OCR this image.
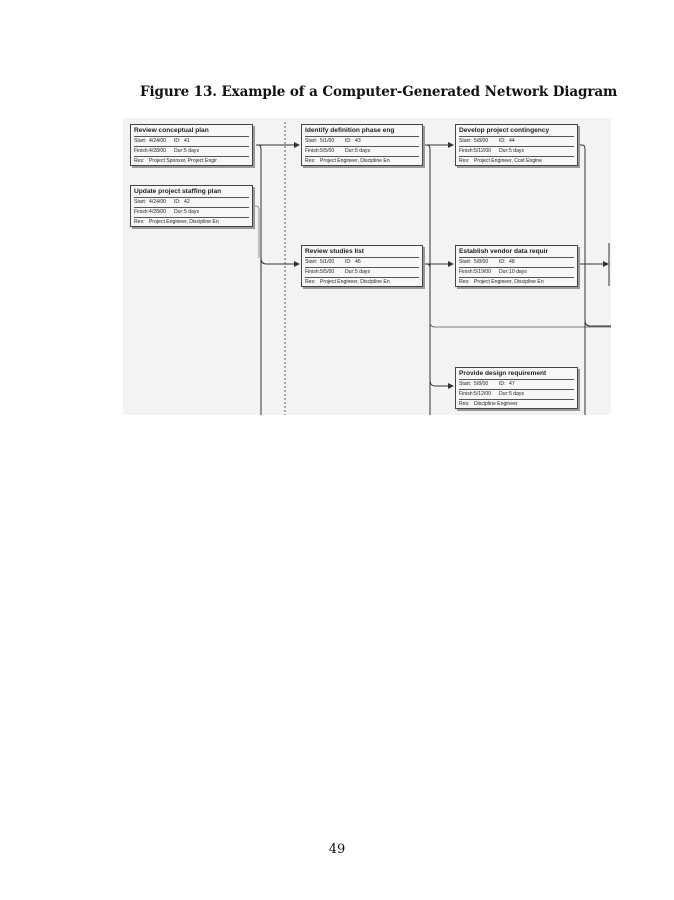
Figure 13. Example of a Computer-Generated Network Diagram
Review conceptual plan
Start: 4/24/00 ID: 41
Finish:4/28/00 Dur:5 days
Res: Project Sponsor, Project Engir
Update project staffing plan
Start: 4/24/00 ID: 42
Finish:4/28/00 Dur:5 days
Res: Project Engineer, Discipline En
Identify definition phase eng
Start: 5/1/00 ID: 43
Finish:5/5/00 Dur:5 days
Res: Project Engineer, Discipline En
Review studies list
Start: 5/1/00 ID: 46
Finish:5/5/00 Dur:5 days
Res: Project Engineer, Discipline En
Develop project contingency
Start: 5/8/00 ID: 44
Finish:5/12/00 Dur:5 days
Res: Project Engineer, Cost Engine
Establish vendor data requir
Start: 5/8/00 ID: 48
Finish:5/19/00 Dur:10 days
Res: Project Engineer, Discipline En
Provide design requirement
Start: 5/8/00 ID: 47
Finish:5/12/00 Dur:5 days
Res: Discipline Engineer
49
